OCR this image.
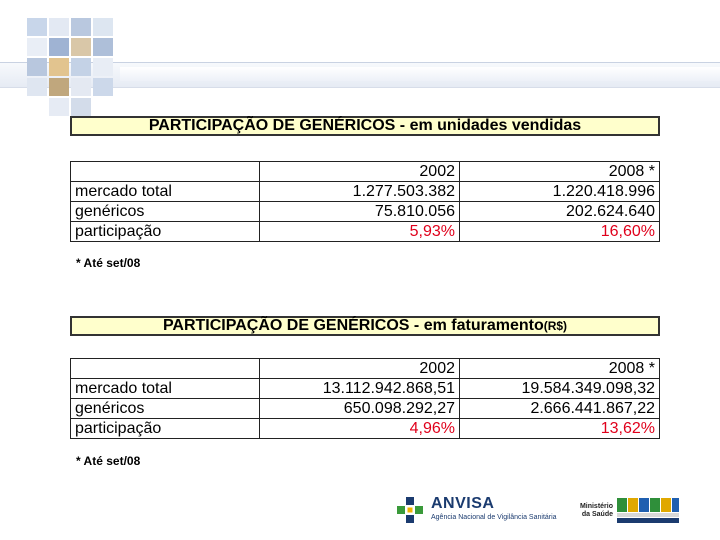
PARTICIPAÇÃO DE GENÉRICOS - em unidades vendidas
	2002	2008 *
mercado total	1.277.503.382	1.220.418.996
genéricos	75.810.056	202.624.640
participação	5,93%	16,60%
* Até set/08
PARTICIPAÇÃO DE GENÉRICOS - em faturamento(R$)
	2002	2008 *
mercado total	13.112.942.868,51	19.584.349.098,32
genéricos	650.098.292,27	2.666.441.867,22
participação	4,96%	13,62%
* Até set/08
ANVISA
Agência Nacional de Vigilância Sanitária
Ministério
da Saúde
